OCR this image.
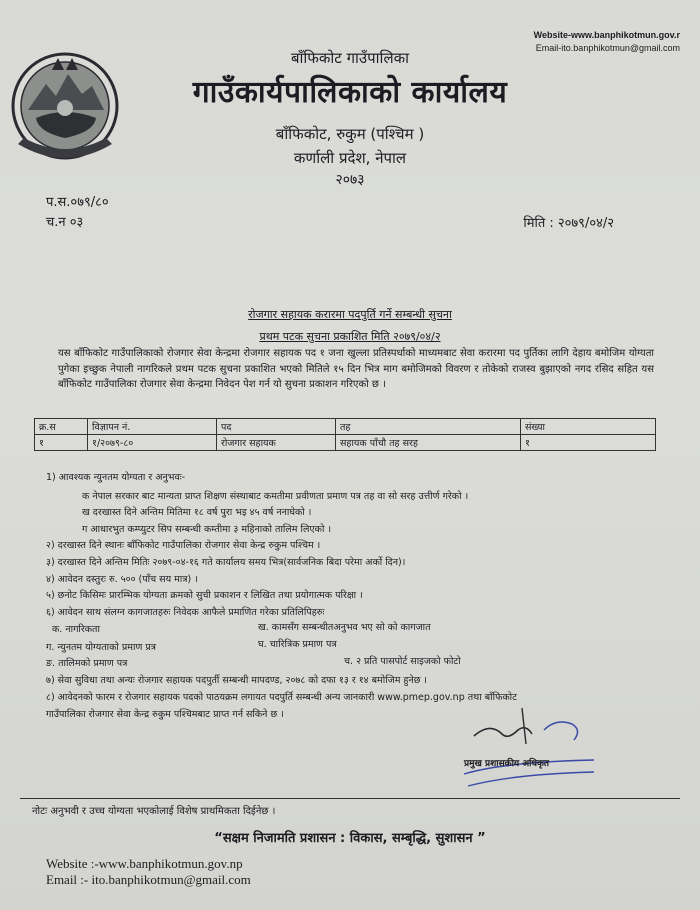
Website-www.banphikotmun.gov.r
Email-ito.banphikotmun@gmail.com
बाँफिकोट गाउँपालिका
गाउँकार्यपालिकाको कार्यालय
बाँफिकोट, रुकुम (पश्चिम )
कर्णाली प्रदेश, नेपाल
२०७३
प.स.०७९/८०
च.न ०३	मिति : २०७९/०४/२
रोजगार सहायक करारमा पदपुर्ति गर्ने सम्बन्धी सुचना
प्रथम पटक सुचना प्रकाशित मिति २०७९/०४/२
यस बाँफिकोट गाउँपालिकाको रोजगार सेवा केन्द्रमा रोजगार सहायक पद १ जना खुल्ला प्रतिस्पर्धाको माध्यमबाट सेवा करारमा पद पुर्तिका लागि देहाय बमोजिम योग्यता पुगेका इच्छुक नेपाली नागरिकले प्रथम पटक सुचना प्रकाशित भएको मितिले १५ दिन भित्र माग बमोजिमको विवरण र तोकेको राजस्व बुझाएको नगद रसिद सहित यस बाँफिकोट गाउँपालिका रोजगार सेवा केन्द्रमा निवेदन पेश गर्न यो सुचना प्रकाशन गरिएको छ ।
क्र.स	विज्ञापन नं.	पद	तह	संख्या
१	१/२०७९-८०	रोजगार सहायक	सहायक पाँचौ तह सरह	१
1) आवश्यक न्युनतम योग्यता र अनुभवः-
क नेपाल सरकार बाट मान्यता प्राप्त शिक्षण संस्थाबाट कमतीमा प्रवीणता प्रमाण पत्र तह वा सो सरह उत्तीर्ण गरेको ।
ख दरखास्त दिने अन्तिम मितिमा १८ वर्ष पुरा भइ ४५ वर्ष ननाघेको ।
ग आधारभुत कम्प्युटर सिप सम्बन्धी कम्तीमा ३ महिनाको तालिम लिएको ।
२) दरखास्त दिने स्थानः बाँफिकोट गाउँपालिका रोजगार सेवा केन्द्र रुकुम पश्चिम ।
३) दरखास्त दिने अन्तिम मितिः २०७९-०४-१६ गते कार्यालय समय भित्र(सार्वजनिक बिदा परेमा अर्को दिन)।
४) आवेदन दस्तुरः रु. ५०० (पाँच सय मात्र) ।
५) छनोट किसिमः प्रारम्भिक योग्यता क्रमको सुची प्रकाशन र लिखित तथा प्रयोगात्मक परिक्षा ।
६) आवेदन साथ संलग्न कागजातहरुः निवेदक आफैले प्रमाणित गरेका प्रतिलिपिहरुः
क. नागरिकता	ख. कामसँग सम्बन्धीतअनुभव भए सो को कागजात
ग. न्युनतम योग्यताको प्रमाण प्रत्र	घ. चारित्रिक प्रमाण पत्र
ङ. तालिमको प्रमाण पत्र	च. २ प्रति पासपोर्ट साइजको फोटो
७) सेवा सुविधा तथा अन्यः रोजगार सहायक पदपुर्ती सम्बन्धी मापदण्ड, २०७८ को दफा १३ र १४ बमोजिम हुनेछ ।
८) आवेदनको फारम र रोजगार सहायक पदको पाठयक्रम लगायत पदपुर्ति सम्बन्धी अन्य जानकारी www.pmep.gov.np तथा बाँफिकोट
गाउँपालिका रोजगार सेवा केन्द्र रुकुम पश्चिमबाट प्राप्त गर्न सकिने छ ।
प्रमुख प्रशासकीय अधिकृत
नोटः अनुभवी र उच्च योग्यता भएकोलाई विशेष प्राथमिकता दिईनेछ ।
“सक्षम निजामति प्रशासन : विकास, सम्बृद्धि, सुशासन ”
Website :-www.banphikotmun.gov.np
Email :- ito.banphikotmun@gmail.com
